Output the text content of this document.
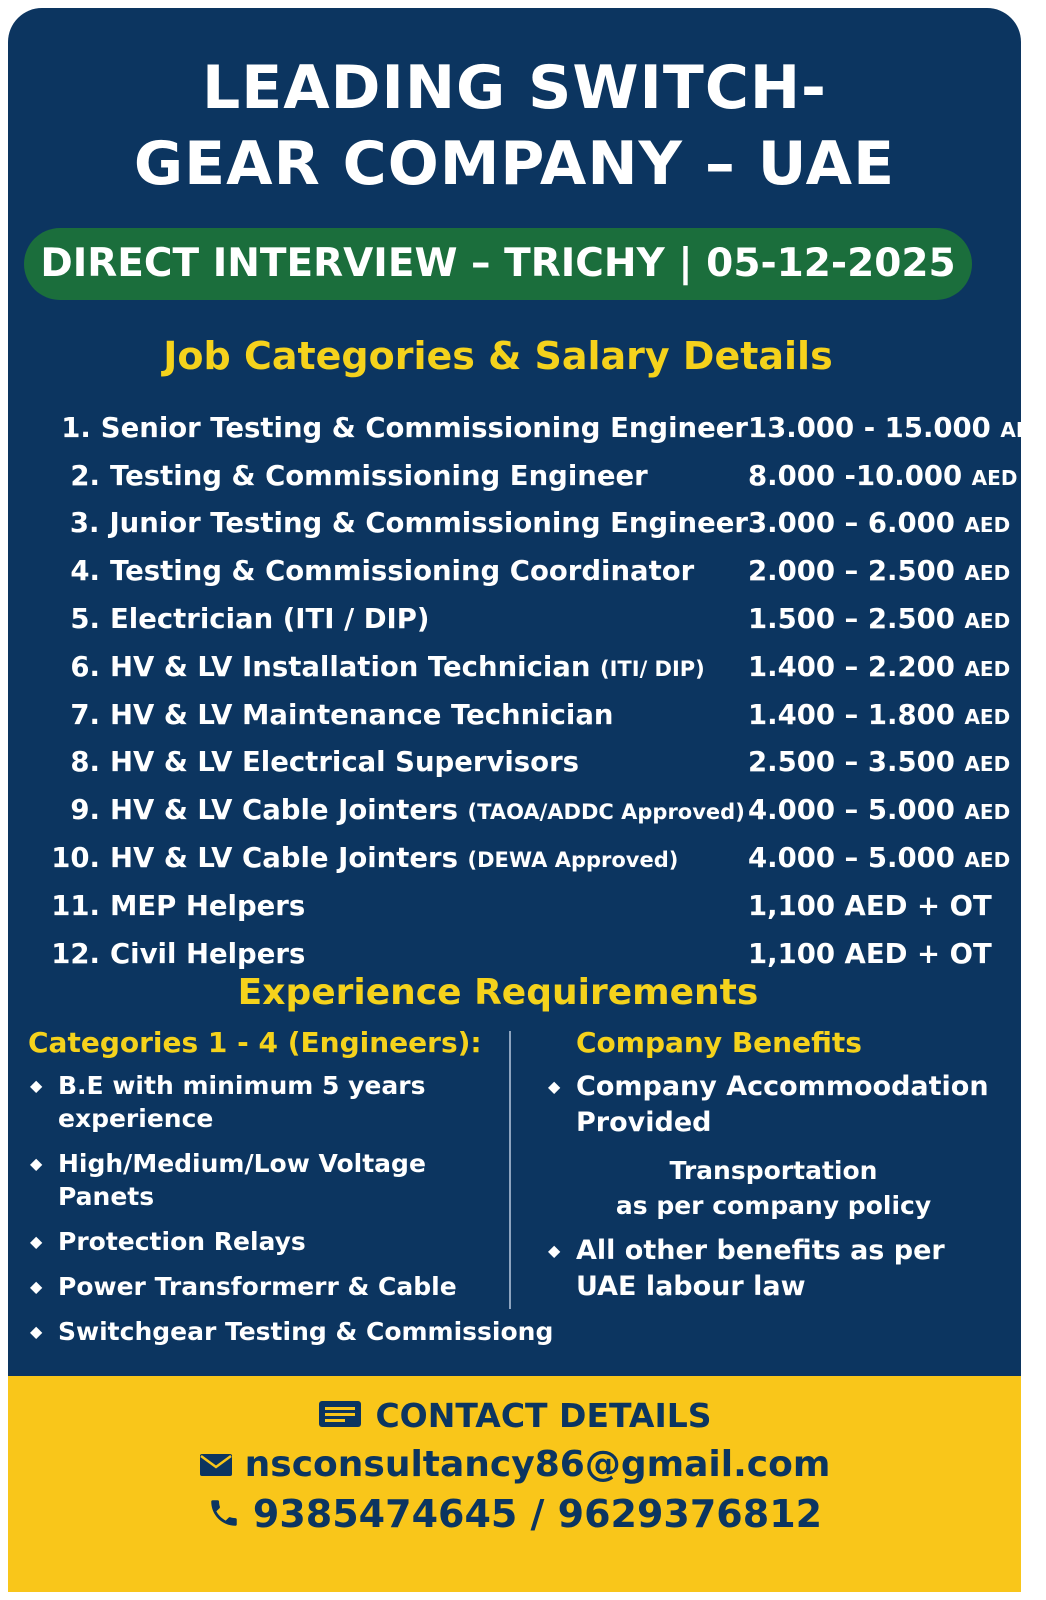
LEADING SWITCH-
GEAR COMPANY – UAE
DIRECT INTERVIEW – TRICHY | 05-12-2025
Job Categories & Salary Details
1. Senior Testing & Commissioning Engineer 13.000 - 15.000 AED
2. Testing & Commissioning Engineer	8.000 -10.000 AED
3. Junior Testing & Commissioning Engineer 3.000 – 6.000 AED
4. Testing & Commissioning Coordinator	2.000 – 2.500 AED
5. Electrician (ITI / DIP)	1.500 – 2.500 AED
6. HV & LV Installation Technician (ITI/ DIP)	1.400 – 2.200 AED
7. HV & LV Maintenance Technician	1.400 – 1.800 AED
8. HV & LV Electrical Supervisors	2.500 – 3.500 AED
9. HV & LV Cable Jointers (TAOA/ADDC Approved) 4.000 – 5.000 AED
10. HV & LV Cable Jointers (DEWA Approved)	4.000 – 5.000 AED
11. MEP Helpers	1,100 AED + OT
12. Civil Helpers	1,100 AED + OT
Experience Requirements
Categories 1 - 4 (Engineers):
◆ B.E with minimum 5 years experience
◆ High/Medium/Low Voltage Panets
◆ Protection Relays
◆ Power Transformerr & Cable
◆ Switchgear Testing & Commissiong
Company Benefits
◆ Company Accommoodation Provided
Transportation
as per company policy
◆ All other benefits as per UAE labour law
CONTACT DETAILS
nsconsultancy86@gmail.com
9385474645 / 9629376812
